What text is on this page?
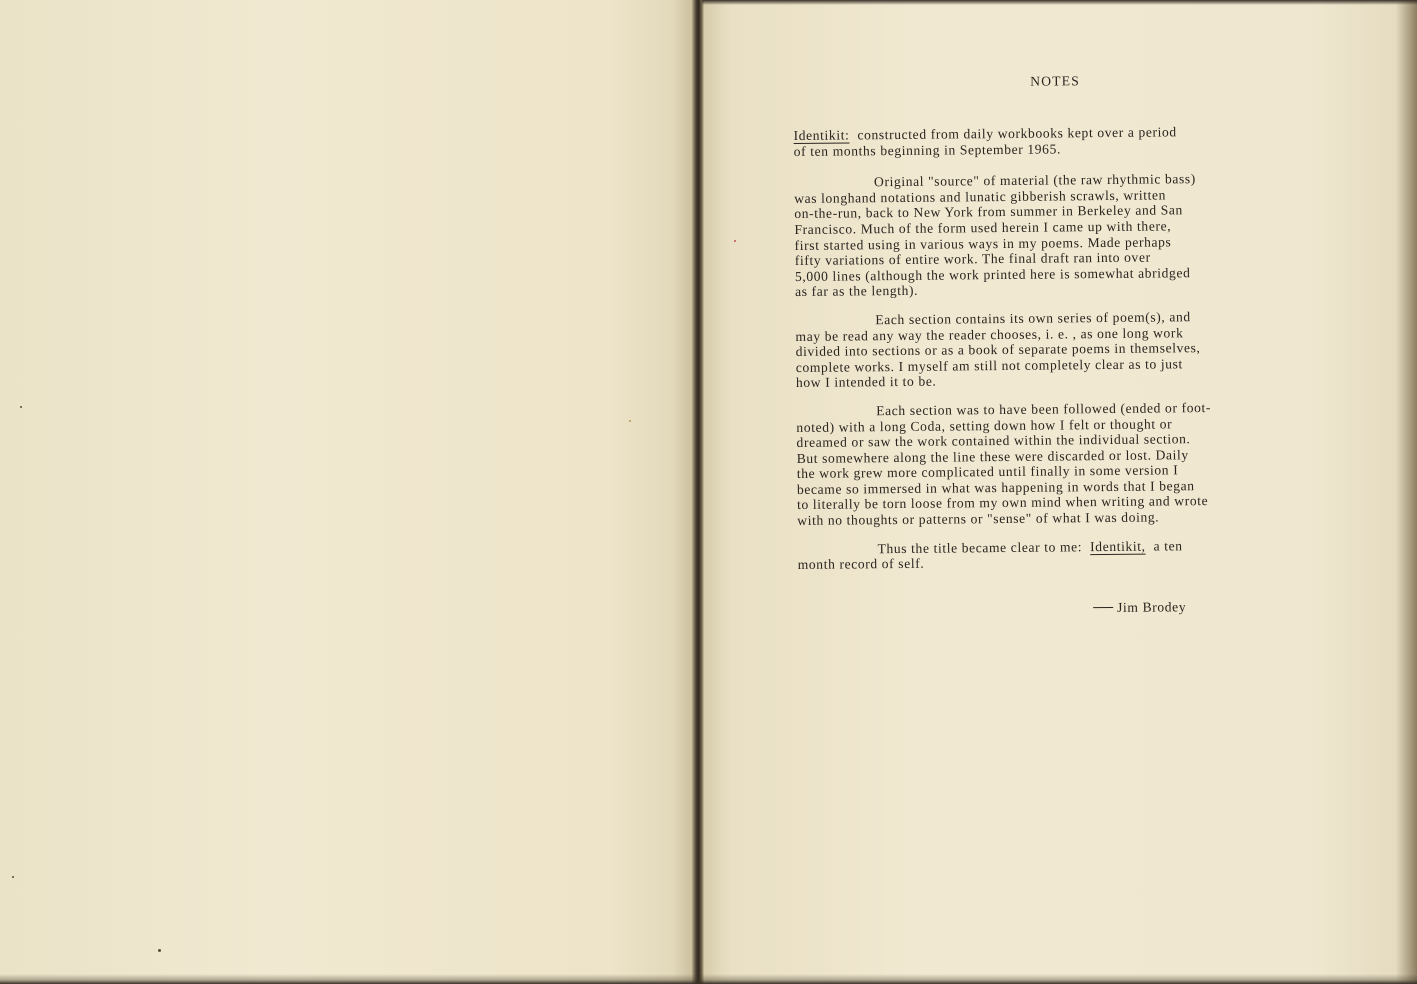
NOTES
Identikit: constructed from daily workbooks kept over a period
of ten months beginning in September 1965.
Original "source" of material (the raw rhythmic bass)
was longhand notations and lunatic gibberish scrawls, written
on-the-run, back to New York from summer in Berkeley and San
Francisco. Much of the form used herein I came up with there,
first started using in various ways in my poems. Made perhaps
fifty variations of entire work. The final draft ran into over
5,000 lines (although the work printed here is somewhat abridged
as far as the length).
Each section contains its own series of poem(s), and
may be read any way the reader chooses, i. e. , as one long work
divided into sections or as a book of separate poems in themselves,
complete works. I myself am still not completely clear as to just
how I intended it to be.
Each section was to have been followed (ended or foot-
noted) with a long Coda, setting down how I felt or thought or
dreamed or saw the work contained within the individual section.
But somewhere along the line these were discarded or lost. Daily
the work grew more complicated until finally in some version I
became so immersed in what was happening in words that I began
to literally be torn loose from my own mind when writing and wrote
with no thoughts or patterns or "sense" of what I was doing.
Thus the title became clear to me: Identikit, a ten
month record of self.
Jim Brodey
